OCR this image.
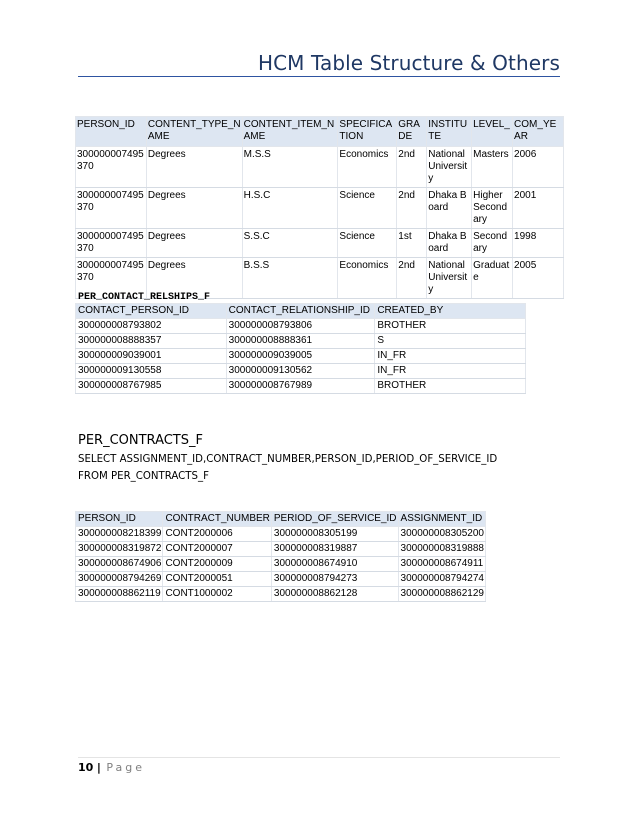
HCM Table Structure & Others
PERSON_ID	CONTENT_TYPE_NAME	CONTENT_ITEM_NAME	SPECIFICATION	GRADE	INSTITUTE	LEVEL_	COM_YEAR
300000007495370	Degrees	M.S.S	Economics	2nd	National University	Masters	2006
300000007495370	Degrees	H.S.C	Science	2nd	Dhaka Board	Higher Secondary	2001
300000007495370	Degrees	S.S.C	Science	1st	Dhaka Board	Secondary	1998
300000007495370	Degrees	B.S.S	Economics	2nd	National University	Graduate	2005
PER_CONTACT_RELSHIPS_F
CONTACT_PERSON_ID	CONTACT_RELATIONSHIP_ID	CREATED_BY
300000008793802	300000008793806	BROTHER
300000008888357	300000008888361	S
300000009039001	300000009039005	IN_FR
300000009130558	300000009130562	IN_FR
300000008767985	300000008767989	BROTHER
PER_CONTRACTS_F
SELECT ASSIGNMENT_ID,CONTRACT_NUMBER,PERSON_ID,PERIOD_OF_SERVICE_ID FROM PER_CONTRACTS_F
PERSON_ID	CONTRACT_NUMBER	PERIOD_OF_SERVICE_ID	ASSIGNMENT_ID
300000008218399	CONT2000006	300000008305199	300000008305200
300000008319872	CONT2000007	300000008319887	300000008319888
300000008674906	CONT2000009	300000008674910	300000008674911
300000008794269	CONT2000051	300000008794273	300000008794274
300000008862119	CONT1000002	300000008862128	300000008862129
10 | Page
